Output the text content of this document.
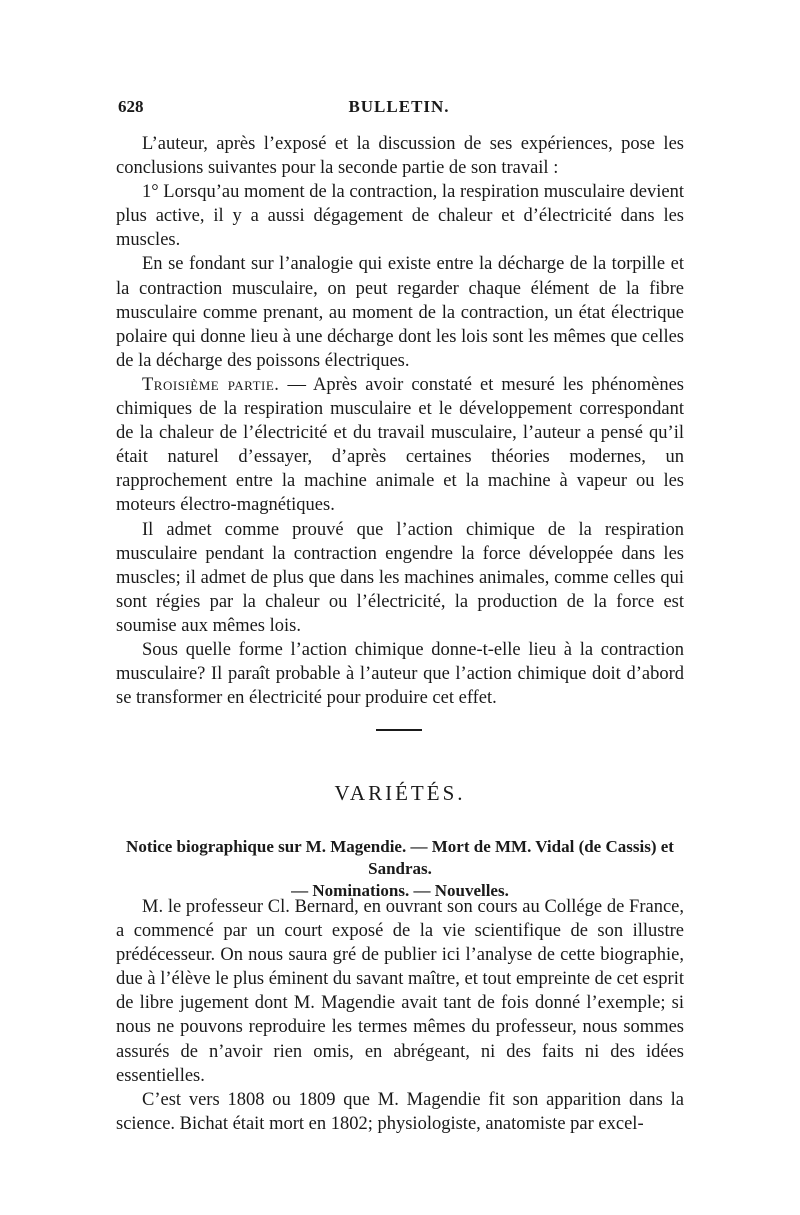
628	BULLETIN.

L’auteur, après l’exposé et la discussion de ses expériences, pose les conclusions suivantes pour la seconde partie de son travail :

1° Lorsqu’au moment de la contraction, la respiration musculaire devient plus active, il y a aussi dégagement de chaleur et d’électricité dans les muscles.

En se fondant sur l’analogie qui existe entre la décharge de la torpille et la contraction musculaire, on peut regarder chaque élément de la fibre musculaire comme prenant, au moment de la contraction, un état électrique polaire qui donne lieu à une décharge dont les lois sont les mêmes que celles de la décharge des poissons électriques.

Troisième partie. — Après avoir constaté et mesuré les phénomènes chimiques de la respiration musculaire et le développement correspondant de la chaleur de l’électricité et du travail musculaire, l’auteur a pensé qu’il était naturel d’essayer, d’après certaines théories modernes, un rapprochement entre la machine animale et la machine à vapeur ou les moteurs électro-magnétiques.

Il admet comme prouvé que l’action chimique de la respiration musculaire pendant la contraction engendre la force développée dans les muscles; il admet de plus que dans les machines animales, comme celles qui sont régies par la chaleur ou l’électricité, la production de la force est soumise aux mêmes lois.

Sous quelle forme l’action chimique donne-t-elle lieu à la contraction musculaire? Il paraît probable à l’auteur que l’action chimique doit d’abord se transformer en électricité pour produire cet effet.

VARIÉTÉS.
Notice biographique sur M. Magendie. — Mort de MM. Vidal (de Cassis) et Sandras.
— Nominations. — Nouvelles.

M. le professeur Cl. Bernard, en ouvrant son cours au Collége de France, a commencé par un court exposé de la vie scientifique de son illustre prédécesseur. On nous saura gré de publier ici l’analyse de cette biographie, due à l’élève le plus éminent du savant maître, et tout empreinte de cet esprit de libre jugement dont M. Magendie avait tant de fois donné l’exemple; si nous ne pouvons reproduire les termes mêmes du professeur, nous sommes assurés de n’avoir rien omis, en abrégeant, ni des faits ni des idées essentielles.

C’est vers 1808 ou 1809 que M. Magendie fit son apparition dans la science. Bichat était mort en 1802; physiologiste, anatomiste par excel-
